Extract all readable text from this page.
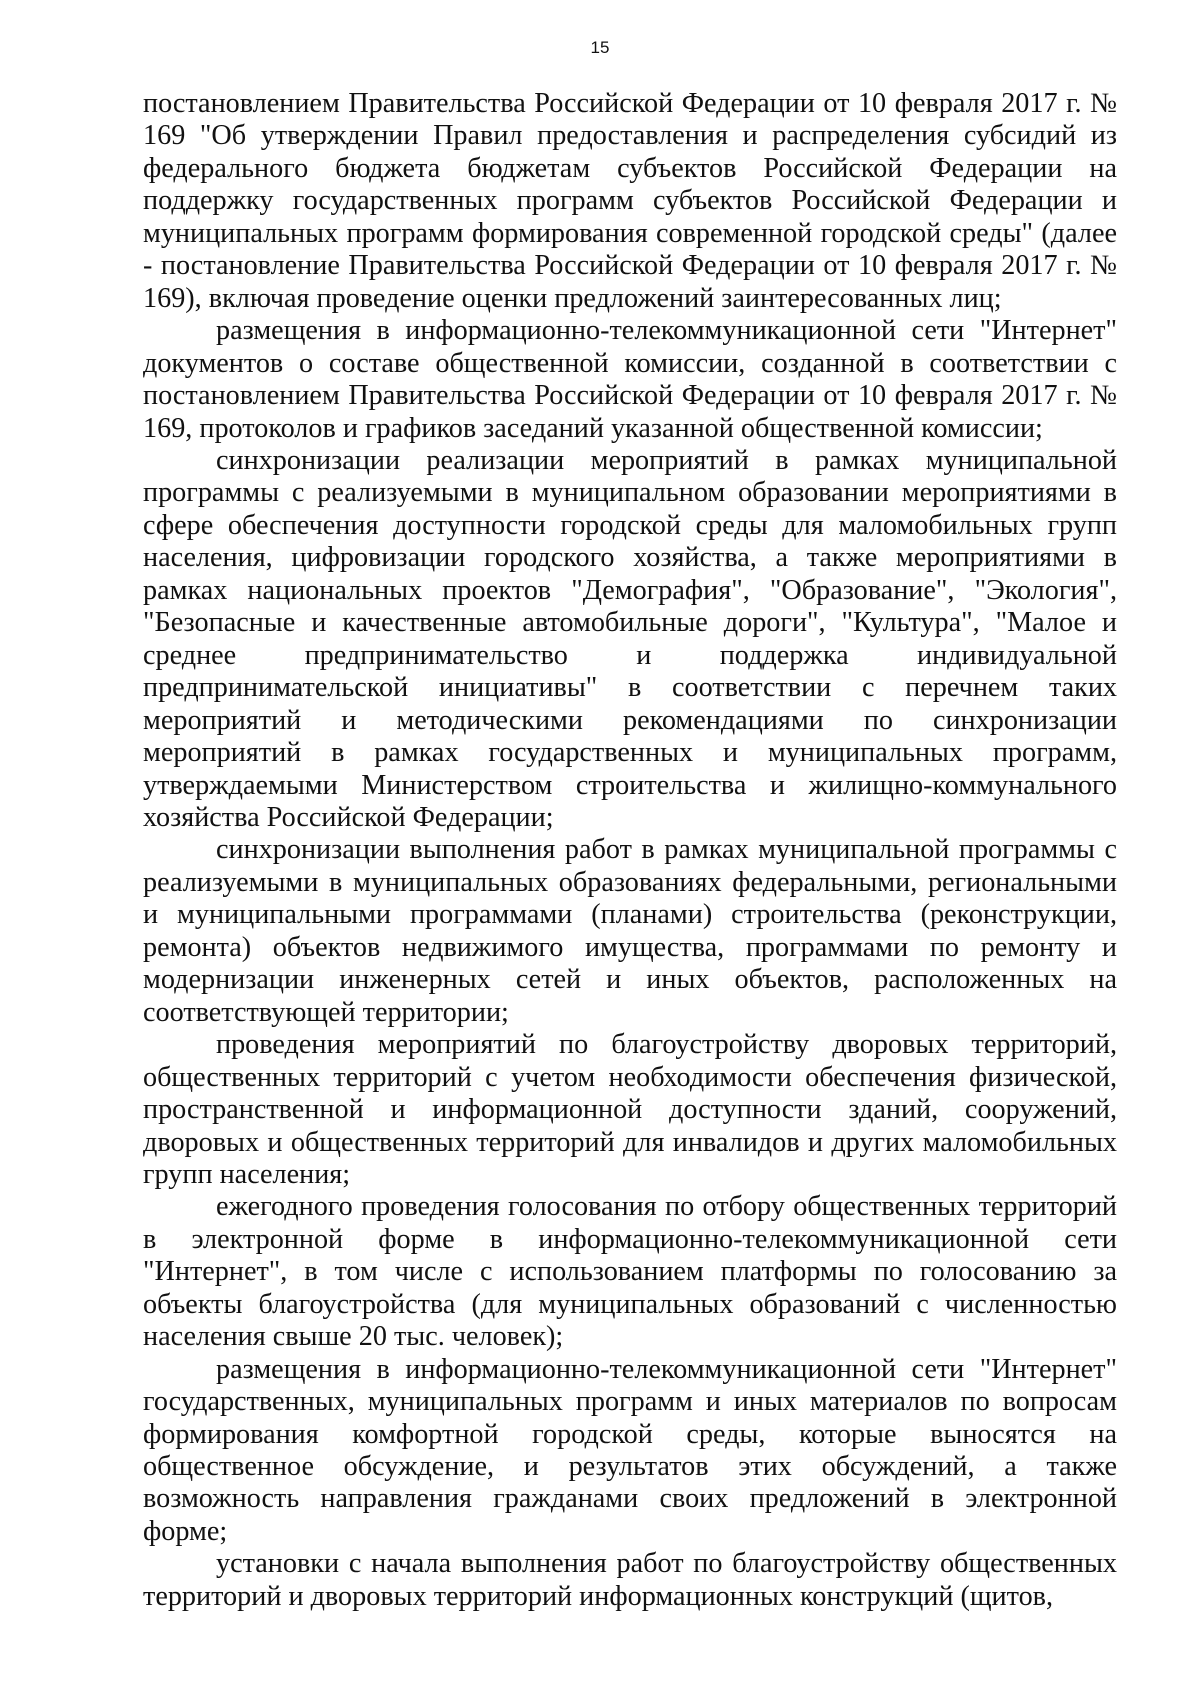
15

постановлением Правительства Российской Федерации от 10 февраля 2017 г. № 169 "Об утверждении Правил предоставления и распределения субсидий из федерального бюджета бюджетам субъектов Российской Федерации на поддержку государственных программ субъектов Российской Федерации и муниципальных программ формирования современной городской среды" (далее - постановление Правительства Российской Федерации от 10 февраля 2017 г. № 169), включая проведение оценки предложений заинтересованных лиц;

размещения в информационно-телекоммуникационной сети "Интернет" документов о составе общественной комиссии, созданной в соответствии с постановлением Правительства Российской Федерации от 10 февраля 2017 г. № 169, протоколов и графиков заседаний указанной общественной комиссии;

синхронизации реализации мероприятий в рамках муниципальной программы с реализуемыми в муниципальном образовании мероприятиями в сфере обеспечения доступности городской среды для маломобильных групп населения, цифровизации городского хозяйства, а также мероприятиями в рамках национальных проектов "Демография", "Образование", "Экология", "Безопасные и качественные автомобильные дороги", "Культура", "Малое и среднее предпринимательство и поддержка индивидуальной предпринимательской инициативы" в соответствии с перечнем таких мероприятий и методическими рекомендациями по синхронизации мероприятий в рамках государственных и муниципальных программ, утверждаемыми Министерством строительства и жилищно-коммунального хозяйства Российской Федерации;

синхронизации выполнения работ в рамках муниципальной программы с реализуемыми в муниципальных образованиях федеральными, региональными и муниципальными программами (планами) строительства (реконструкции, ремонта) объектов недвижимого имущества, программами по ремонту и модернизации инженерных сетей и иных объектов, расположенных на соответствующей территории;

проведения мероприятий по благоустройству дворовых территорий, общественных территорий с учетом необходимости обеспечения физической, пространственной и информационной доступности зданий, сооружений, дворовых и общественных территорий для инвалидов и других маломобильных групп населения;

ежегодного проведения голосования по отбору общественных территорий в электронной форме в информационно-телекоммуникационной сети "Интернет", в том числе с использованием платформы по голосованию за объекты благоустройства (для муниципальных образований с численностью населения свыше 20 тыс. человек);

размещения в информационно-телекоммуникационной сети "Интернет" государственных, муниципальных программ и иных материалов по вопросам формирования комфортной городской среды, которые выносятся на общественное обсуждение, и результатов этих обсуждений, а также возможность направления гражданами своих предложений в электронной форме;

установки с начала выполнения работ по благоустройству общественных территорий и дворовых территорий информационных конструкций (щитов,
